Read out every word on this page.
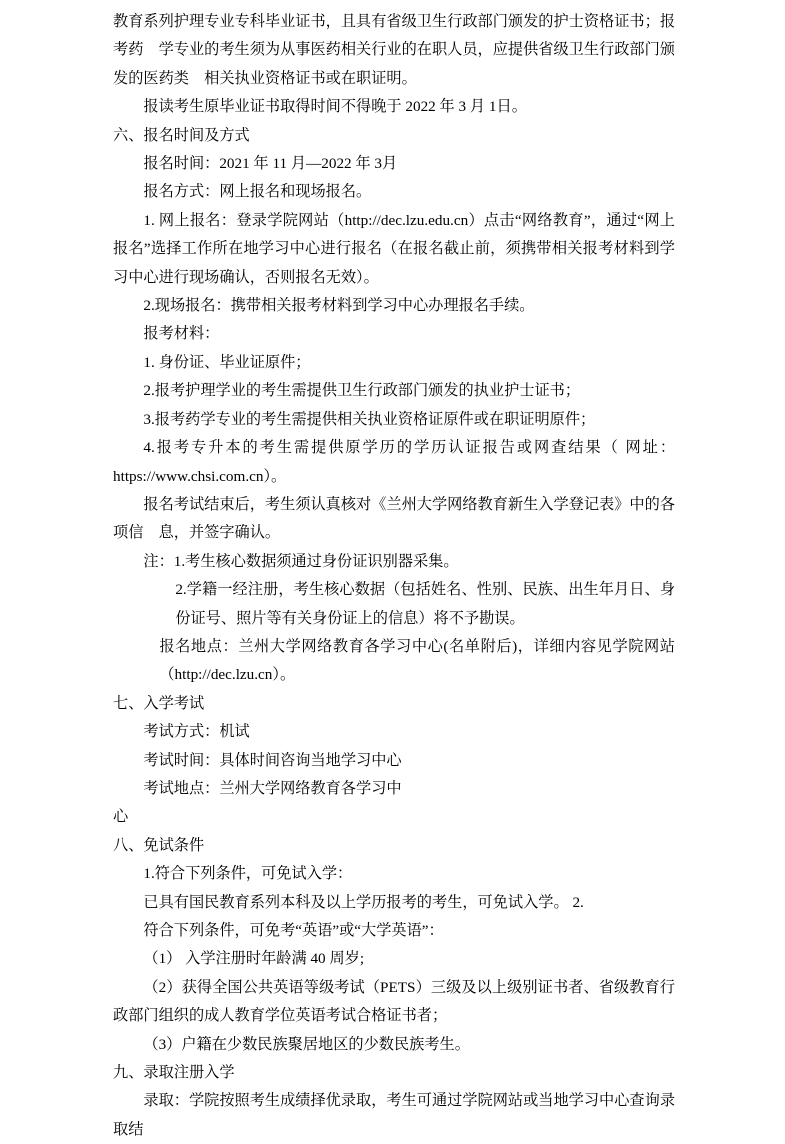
教育系列护理专业专科毕业证书，且具有省级卫生行政部门颁发的护士资格证书；报考药　学专业的考生须为从事医药相关行业的在职人员，应提供省级卫生行政部门颁发的医药类　相关执业资格证书或在职证明。

报读考生原毕业证书取得时间不得晚于 2022 年 3 月 1日。

六、报名时间及方式

报名时间：2021 年 11 月—2022 年 3月

报名方式：网上报名和现场报名。

1. 网上报名：登录学院网站（http://dec.lzu.edu.cn）点击“网络教育”，通过“网上报名”选择工作所在地学习中心进行报名（在报名截止前，须携带相关报考材料到学习中心进行现场确认，否则报名无效）。

2.现场报名：携带相关报考材料到学习中心办理报名手续。

报考材料：

1. 身份证、毕业证原件；

2.报考护理学业的考生需提供卫生行政部门颁发的执业护士证书；

3.报考药学专业的考生需提供相关执业资格证原件或在职证明原件；

4.报考专升本的考生需提供原学历的学历认证报告或网查结果（ 网址：https://www.chsi.com.cn）。

报名考试结束后，考生须认真核对《兰州大学网络教育新生入学登记表》中的各项信　息，并签字确认。

注：1.考生核心数据须通过身份证识别器采集。

2.学籍一经注册，考生核心数据（包括姓名、性别、民族、出生年月日、身份证号、照片等有关身份证上的信息）将不予勘误。

报名地点：兰州大学网络教育各学习中心(名单附后)，详细内容见学院网站（http://dec.lzu.cn）。

七、入学考试

考试方式：机试

考试时间：具体时间咨询当地学习中心

考试地点：兰州大学网络教育各学习中

心

八、免试条件

1.符合下列条件，可免试入学：

已具有国民教育系列本科及以上学历报考的考生，可免试入学。 2.

符合下列条件，可免考“英语”或“大学英语”：

（1） 入学注册时年龄满 40 周岁;

（2）获得全国公共英语等级考试（PETS）三级及以上级别证书者、省级教育行政部门组织的成人教育学位英语考试合格证书者；

（3）户籍在少数民族聚居地区的少数民族考生。

九、录取注册入学

录取：学院按照考生成绩择优录取，考生可通过学院网站或当地学习中心查询录取结
